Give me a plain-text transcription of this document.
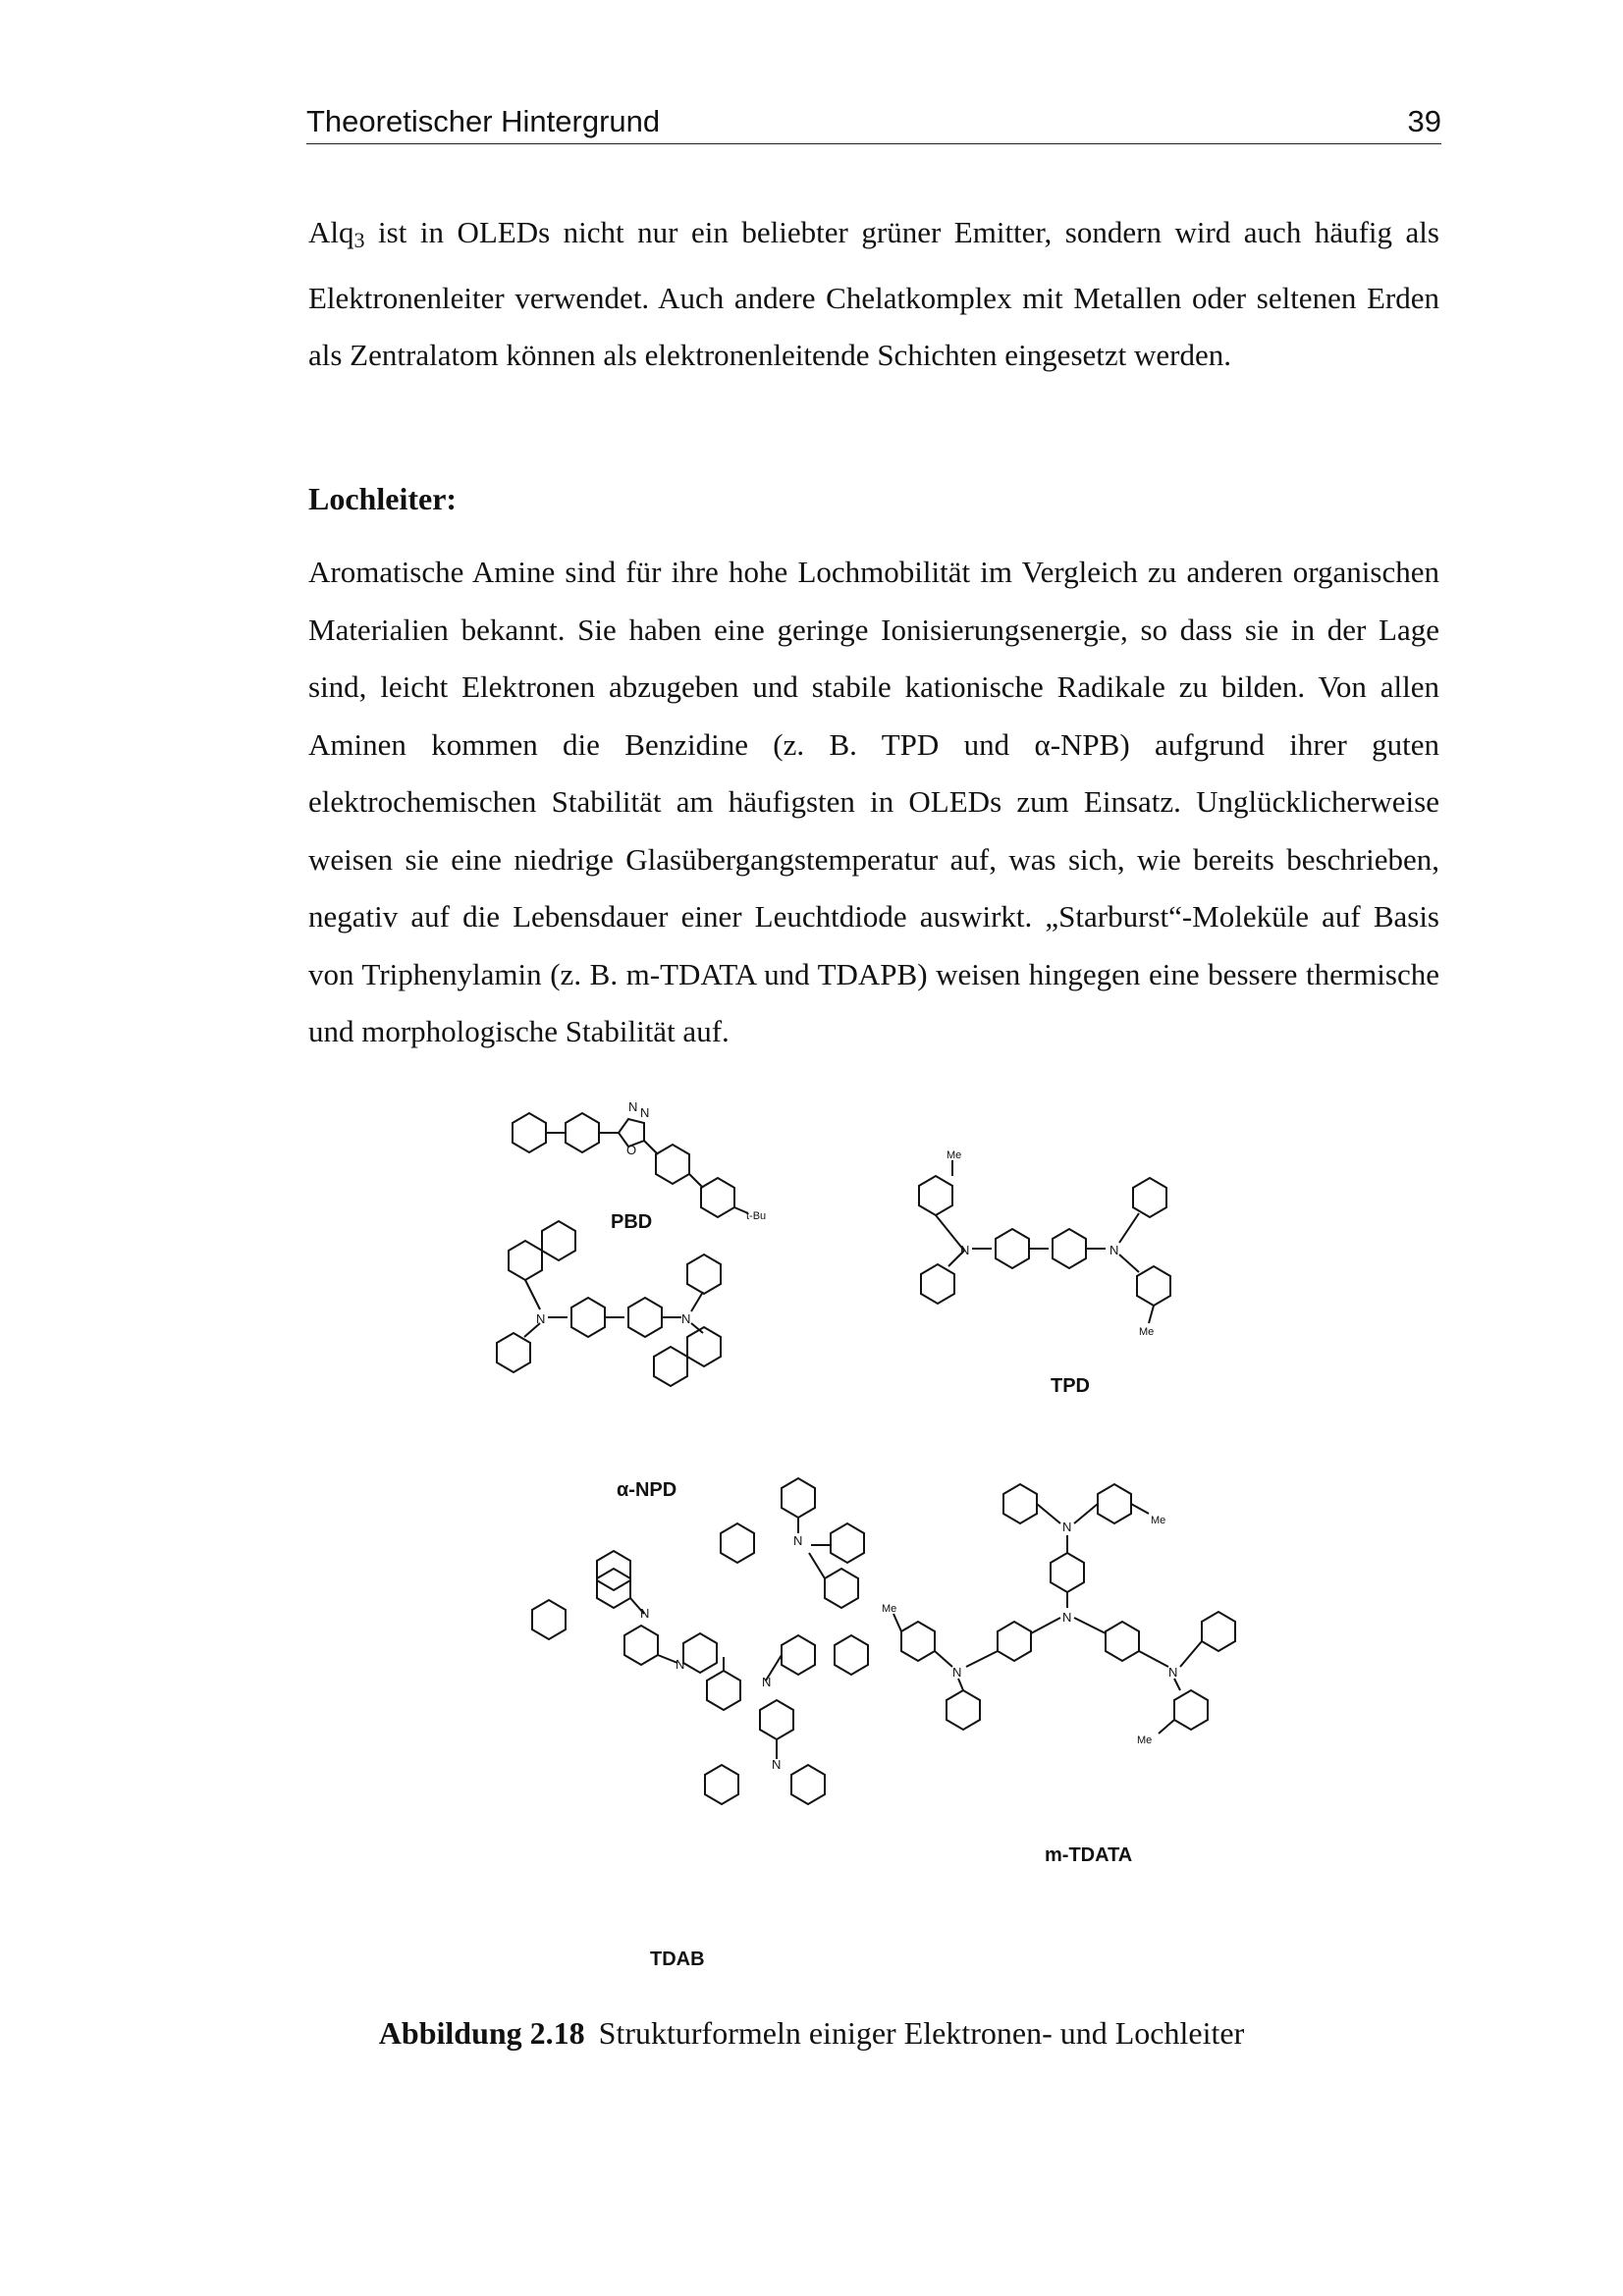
Theoretischer Hintergrund	39

Alq$_3$ ist in OLEDs nicht nur ein beliebter grüner Emitter, sondern wird auch häufig als Elektronenleiter verwendet. Auch andere Chelatkomplex mit Metallen oder seltenen Erden als Zentralatom können als elektronenleitende Schichten eingesetzt werden.

Lochleiter:

Aromatische Amine sind für ihre hohe Lochmobilität im Vergleich zu anderen organischen Materialien bekannt. Sie haben eine geringe Ionisierungsenergie, so dass sie in der Lage sind, leicht Elektronen abzugeben und stabile kationische Radikale zu bilden. Von allen Aminen kommen die Benzidine (z. B. TPD und α-NPB) aufgrund ihrer guten elektrochemischen Stabilität am häufigsten in OLEDs zum Einsatz. Unglücklicherweise weisen sie eine niedrige Glasübergangstemperatur auf, was sich, wie bereits beschrieben, negativ auf die Lebensdauer einer Leuchtdiode auswirkt. „Starburst“-Moleküle auf Basis von Triphenylamin (z. B. m-TDATA und TDAPB) weisen hingegen eine bessere thermische und morphologische Stabilität auf.

N N
O
t-Bu
Me
N	N
Me
N	N
N
N
N
N
N
N	Me
N
Me
N	N
Me
PBD
TPD
α-NPD
m-TDATA
TDAB
Abbildung 2.18 Strukturformeln einiger Elektronen- und Lochleiter
